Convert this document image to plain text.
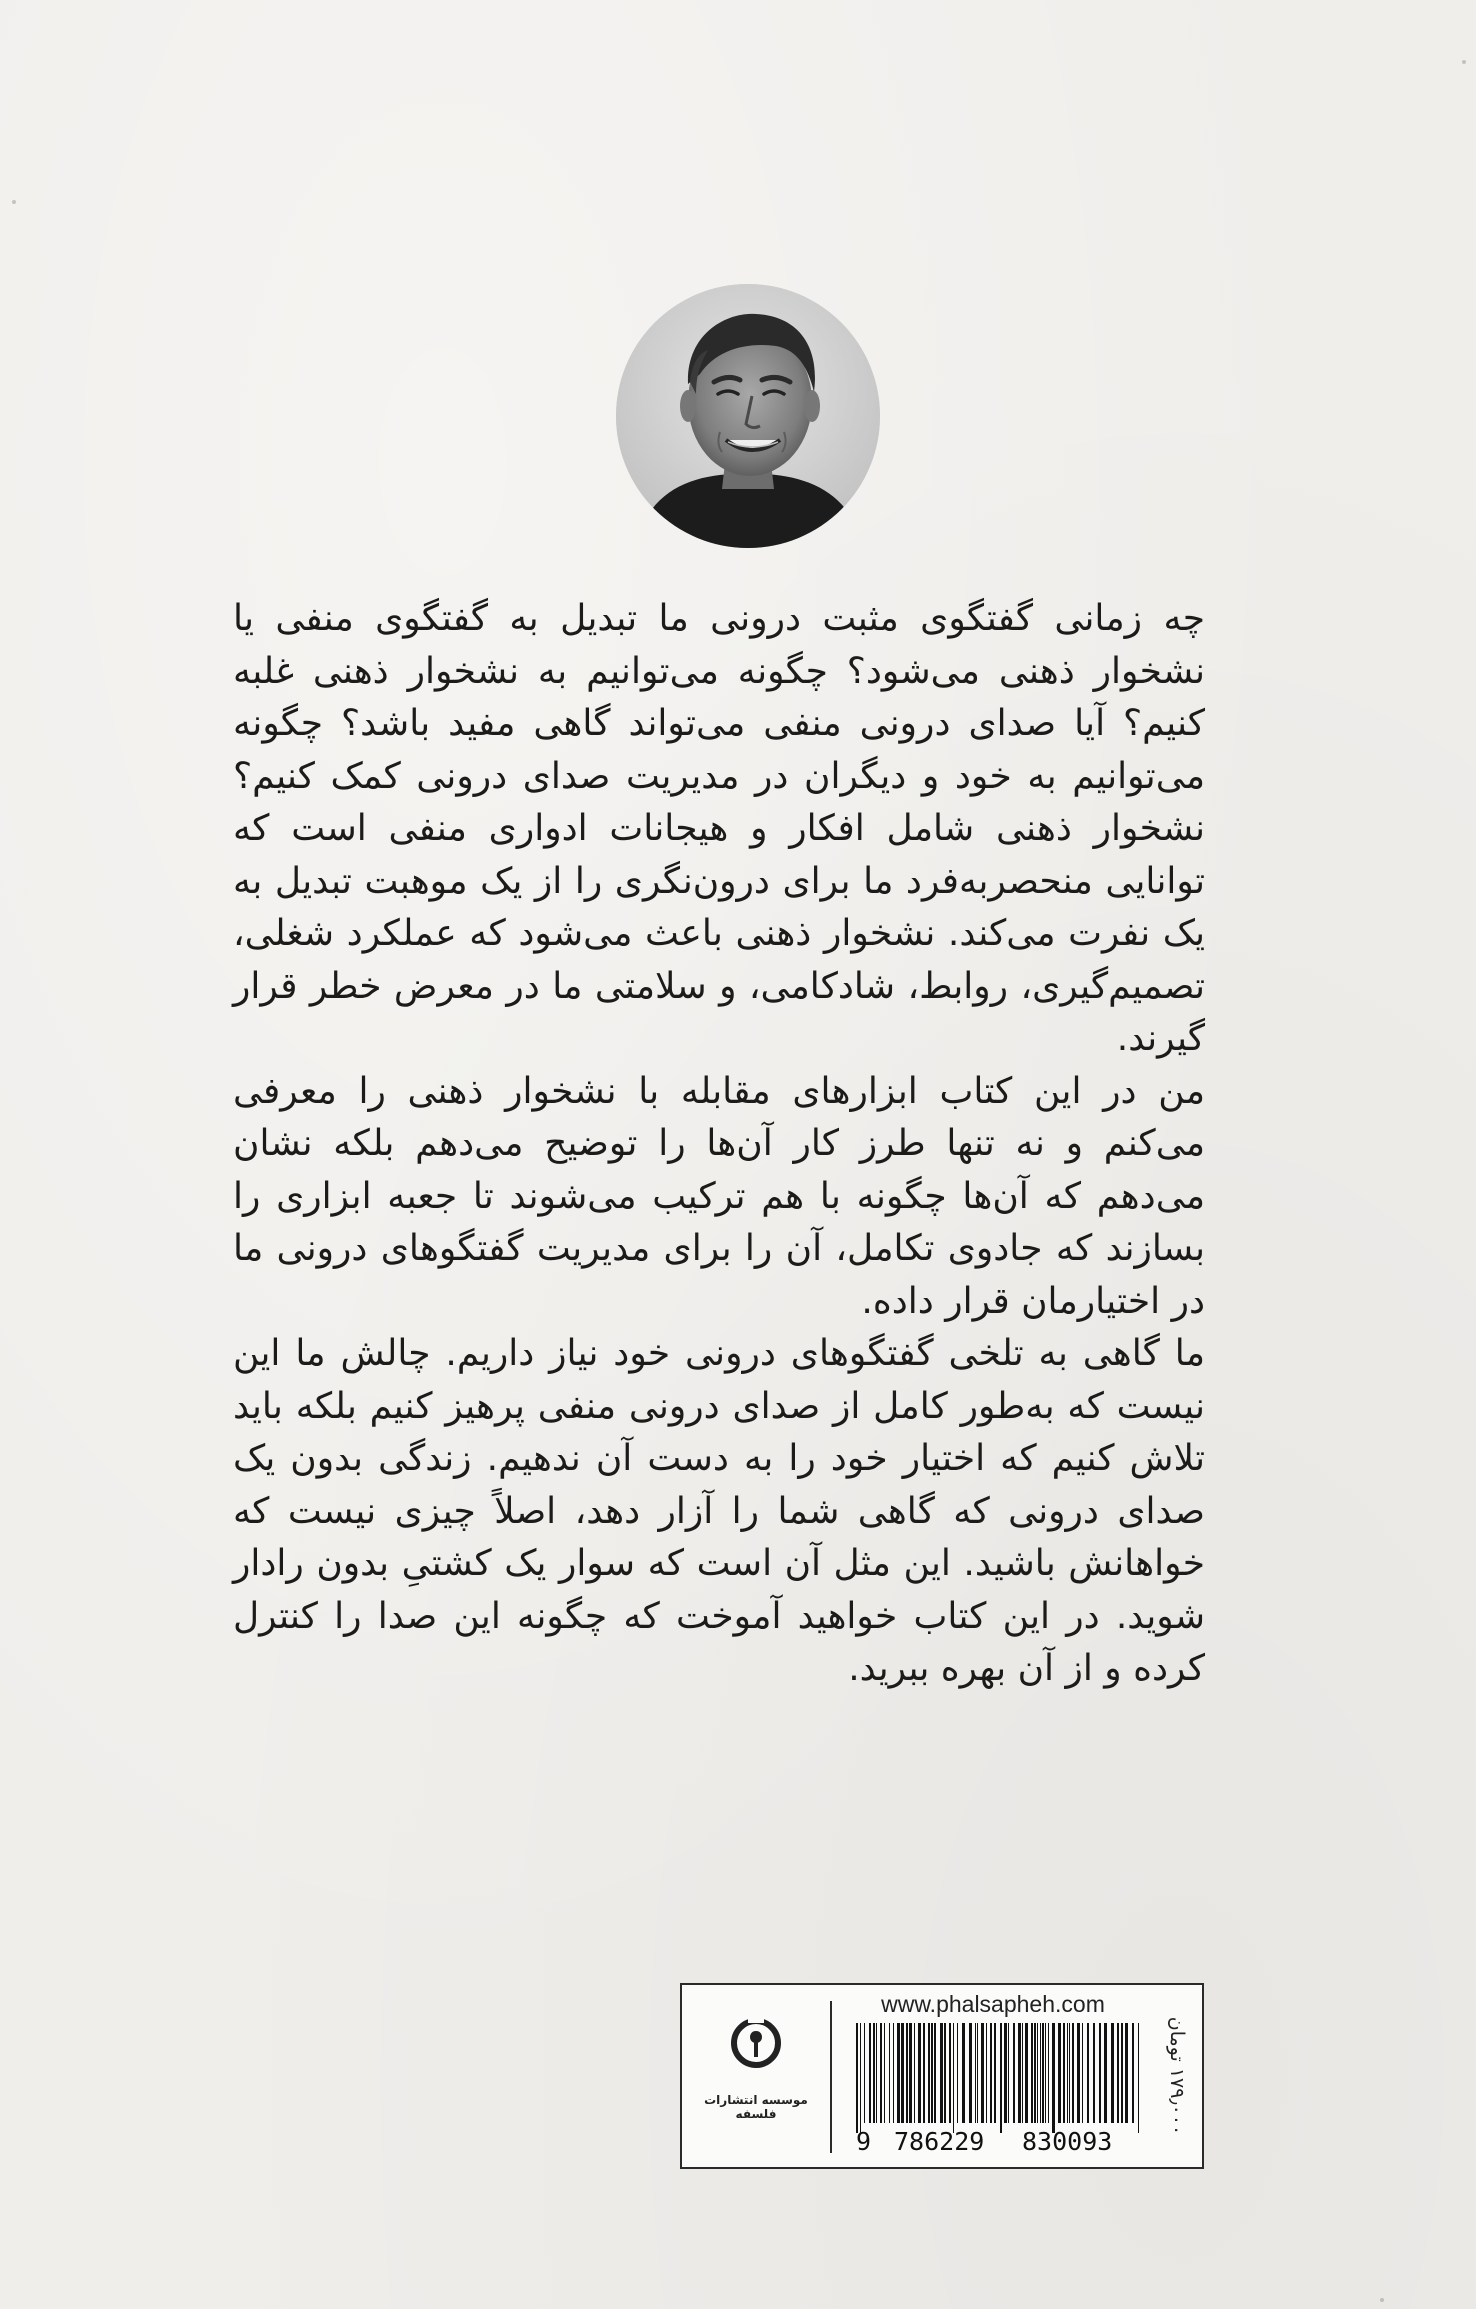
چه زمانی گفتگوی مثبت درونی ما تبدیل به گفتگوی منفی یا نشخوار ذهنی می‌شود؟ چگونه می‌توانیم به نشخوار ذهنی غلبه کنیم؟ آیا صدای درونی منفی می‌تواند گاهی مفید باشد؟ چگونه می‌توانیم به خود و دیگران در مدیریت صدای درونی کمک کنیم؟ نشخوار ذهنی شامل افکار و هیجانات ادواری منفی است که توانایی منحصربه‌فرد ما برای درون‌نگری را از یک موهبت تبدیل به یک نفرت می‌کند. نشخوار ذهنی باعث می‌شود که عملکرد شغلی، تصمیم‌گیری، روابط، شادکامی، و سلامتی ما در معرض خطر قرار گیرند.

من در این کتاب ابزارهای مقابله با نشخوار ذهنی را معرفی می‌کنم و نه تنها طرز کار آن‌ها را توضیح می‌دهم بلکه نشان می‌دهم که آن‌ها چگونه با هم ترکیب می‌شوند تا جعبه ابزاری را بسازند که جادوی تکامل، آن را برای مدیریت گفتگوهای درونی ما در اختیارمان قرار داده.

ما گاهی به تلخی گفتگوهای درونی خود نیاز داریم. چالش ما این نیست که به‌طور کامل از صدای درونی منفی پرهیز کنیم بلکه باید تلاش کنیم که اختیار خود را به دست آن ندهیم. زندگی بدون یک صدای درونی که گاهی شما را آزار دهد، اصلاً چیزی نیست که خواهانش باشید. این مثل آن است که سوار یک کشتیِ بدون رادار شوید. در این کتاب خواهید آموخت که چگونه این صدا را کنترل کرده و از آن بهره ببرید.

موسسه انتشارات فلسفه
www.phalsapheh.com
9 786229 830093
۱۷۹٫۰۰۰ تومان
